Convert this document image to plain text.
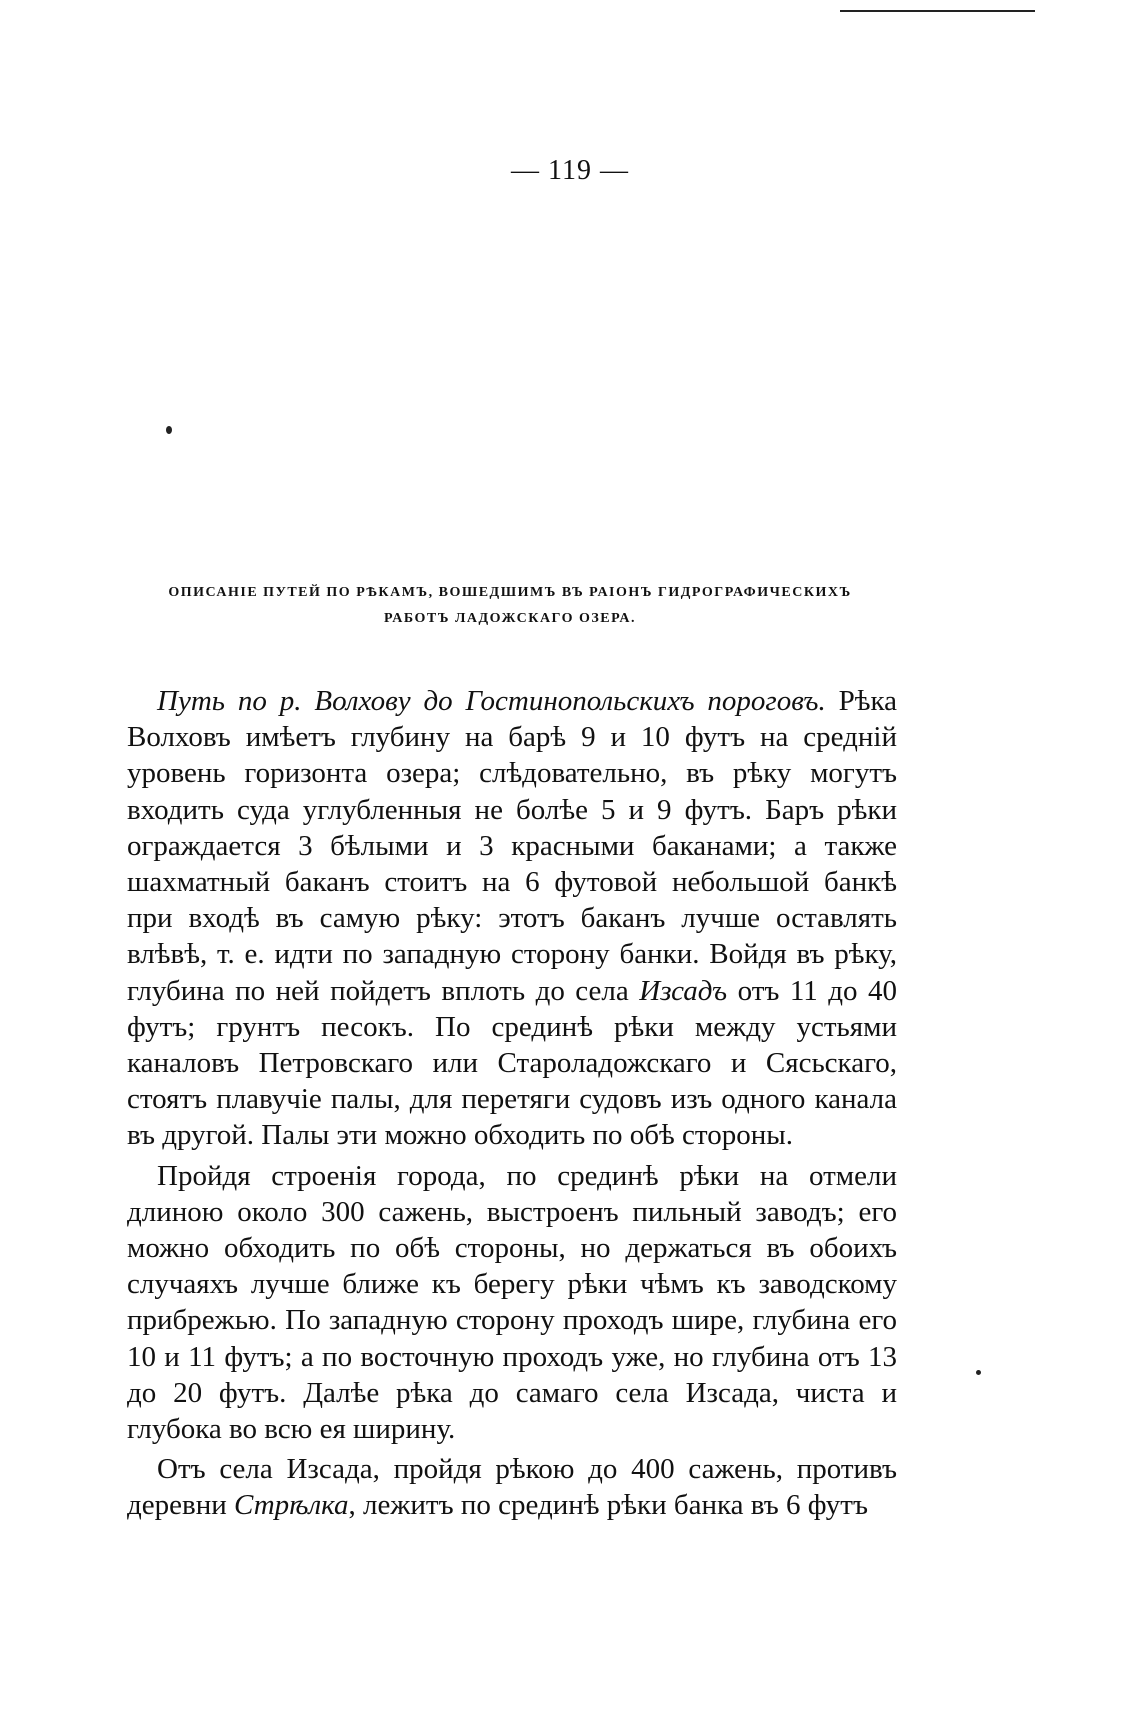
— 119 —
ОПИСАНІЕ ПУТЕЙ ПО РѢКАМЪ, ВОШЕДШИМЪ ВЪ РАІОНЪ ГИДРОГРАФИЧЕСКИХЪ
РАБОТЪ ЛАДОЖСКАГО ОЗЕРА.

Путь по р. Волхову до Гостинопольскихъ пороговъ. Рѣка Волховъ имѣетъ глубину на барѣ 9 и 10 футъ на средній уровень горизонта озера; слѣдовательно, въ рѣку могутъ входить суда углубленныя не болѣе 5 и 9 футъ. Баръ рѣки ограждается 3 бѣлыми и 3 красными баканами; а также шахматный баканъ стоитъ на 6 футовой небольшой банкѣ при входѣ въ самую рѣку: этотъ баканъ лучше оставлять влѣвѣ, т. е. идти по западную сторону банки. Войдя въ рѣку, глубина по ней пойдетъ вплоть до села Изсадъ отъ 11 до 40 футъ; грунтъ песокъ. По срединѣ рѣки между устьями каналовъ Петровскаго или Староладожскаго и Сясьскаго, стоятъ плавучіе палы, для перетяги судовъ изъ одного канала въ другой. Палы эти можно обходить по обѣ стороны.

Пройдя строенія города, по срединѣ рѣки на отмели длиною около 300 сажень, выстроенъ пильный заводъ; его можно обходить по обѣ стороны, но держаться въ обоихъ случаяхъ лучше ближе къ берегу рѣки чѣмъ къ заводскому прибрежью. По западную сторону проходъ шире, глубина его 10 и 11 футъ; а по восточную проходъ уже, но глубина отъ 13 до 20 футъ. Далѣе рѣка до самаго села Изсада, чиста и глубока во всю ея ширину.

Отъ села Изсада, пройдя рѣкою до 400 сажень, противъ деревни Стрѣлка, лежитъ по срединѣ рѣки банка въ 6 футъ
